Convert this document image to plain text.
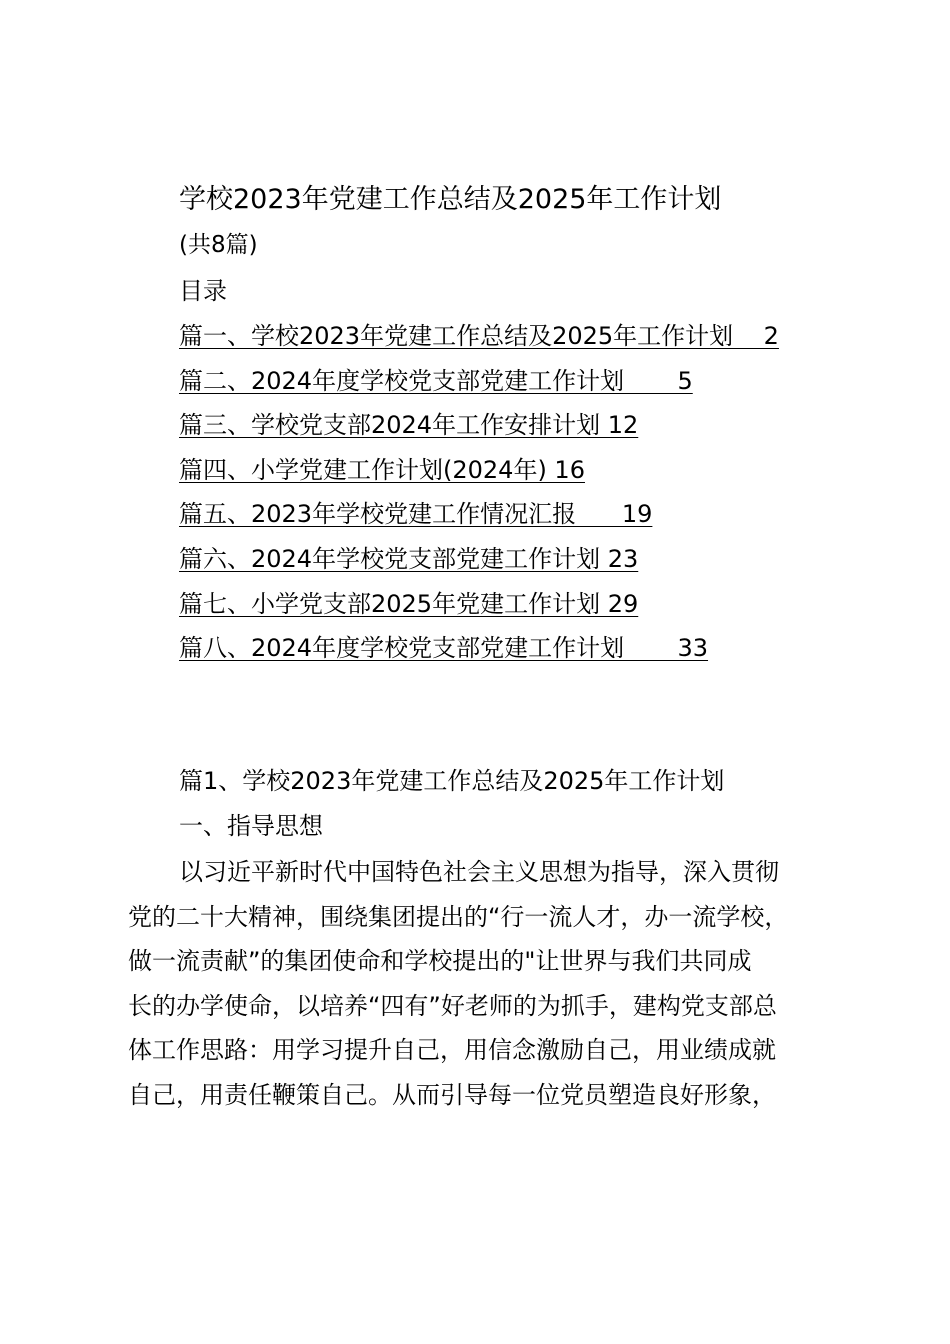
学校2023年党建工作总结及2025年工作计划
(共8篇)
目录
篇一、学校2023年党建工作总结及2025年工作计划    2
篇二、2024年度学校党支部党建工作计划       5
篇三、学校党支部2024年工作安排计划 12
篇四、小学党建工作计划(2024年) 16
篇五、2023年学校党建工作情况汇报      19
篇六、2024年学校党支部党建工作计划 23
篇七、小学党支部2025年党建工作计划 29
篇八、2024年度学校党支部党建工作计划       33
篇1、学校2023年党建工作总结及2025年工作计划
一、指导思想

以习近平新时代中国特色社会主义思想为指导，深入贯彻
党的二十大精神，围绕集团提出的“行一流人才，办一流学校，
做一流责献”的集团使命和学校提出的"让世界与我们共同成
长的办学使命，以培养“四有”好老师的为抓手，建构党支部总
体工作思路：用学习提升自己，用信念激励自己，用业绩成就
自己，用责任鞭策自己。从而引导每一位党员塑造良好形象，
